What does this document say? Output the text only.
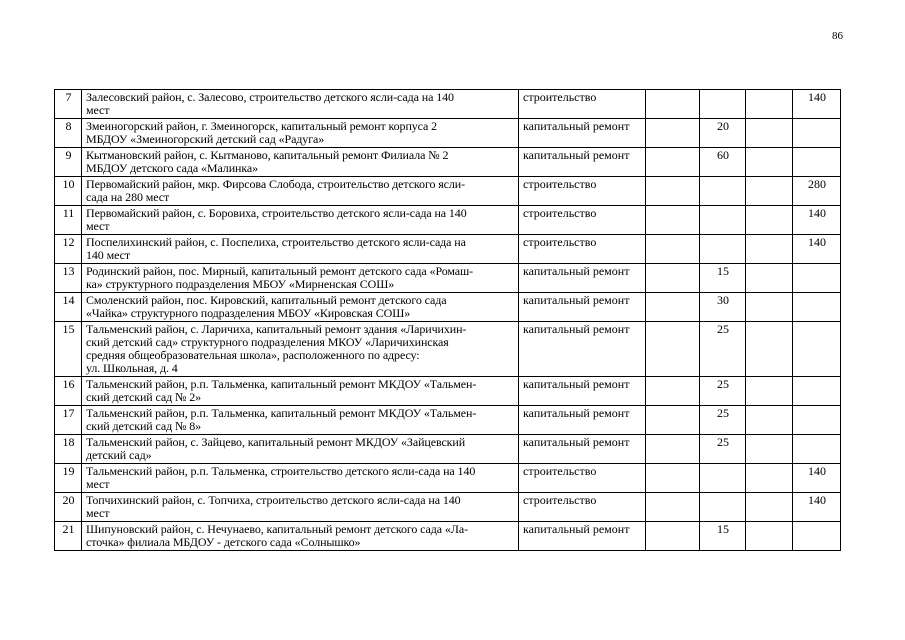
86
7	Залесовский район, с. Залесово, строительство детского ясли-сада на 140
мест	строительство				140
8	Змеиногорский район, г. Змеиногорск, капитальный ремонт корпуса 2
МБДОУ «Змеиногорский детский сад «Радуга»	капитальный ремонт		20		
9	Кытмановский район, с. Кытманово, капитальный ремонт Филиала № 2
МБДОУ детского сада «Малинка»	капитальный ремонт		60		
10	Первомайский район, мкр. Фирсова Слобода, строительство детского ясли-
сада на 280 мест	строительство				280
11	Первомайский район, с. Боровиха, строительство детского ясли-сада на 140
мест	строительство				140
12	Поспелихинский район, с. Поспелиха, строительство детского ясли-сада на
140 мест	строительство				140
13	Родинский район, пос. Мирный, капитальный ремонт детского сада «Ромаш-
ка» структурного подразделения МБОУ «Мирненская СОШ»	капитальный ремонт		15		
14	Смоленский район, пос. Кировский, капитальный ремонт детского сада
«Чайка» структурного подразделения МБОУ «Кировская СОШ»	капитальный ремонт		30		
15	Тальменский район, с. Ларичиха, капитальный ремонт здания «Ларичихин-
ский детский сад» структурного подразделения МКОУ «Ларичихинская
средняя общеобразовательная школа», расположенного по адресу:
ул. Школьная, д. 4	капитальный ремонт		25		
16	Тальменский район, р.п. Тальменка, капитальный ремонт МКДОУ «Тальмен-
ский детский сад № 2»	капитальный ремонт		25		
17	Тальменский район, р.п. Тальменка, капитальный ремонт МКДОУ «Тальмен-
ский детский сад № 8»	капитальный ремонт		25		
18	Тальменский район, с. Зайцево, капитальный ремонт МКДОУ «Зайцевский
детский сад»	капитальный ремонт		25		
19	Тальменский район, р.п. Тальменка, строительство детского ясли-сада на 140
мест	строительство				140
20	Топчихинский район, с. Топчиха, строительство детского ясли-сада на 140
мест	строительство				140
21	Шипуновский район, с. Нечунаево, капитальный ремонт детского сада «Ла-
сточка» филиала МБДОУ - детского сада «Солнышко»	капитальный ремонт		15		
